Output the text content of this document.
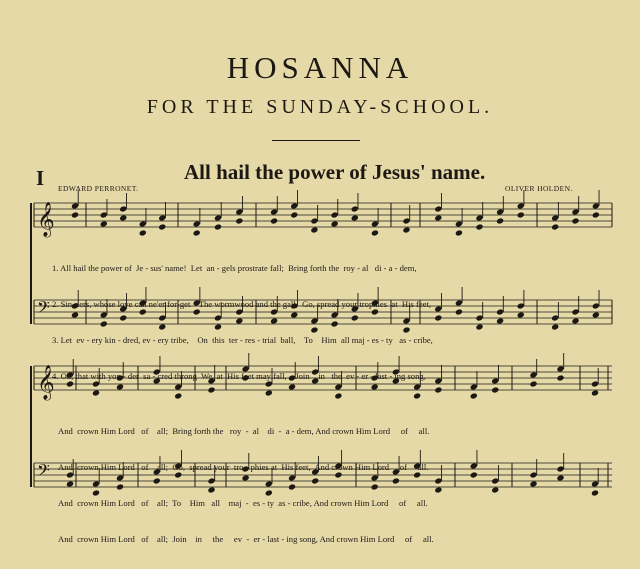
HOSANNA
FOR THE SUNDAY-SCHOOL.
I	All hail the power of Jesus' name.
EDWARD PERRONET.	OLIVER HOLDEN.
𝄞
𝄢
𝄞
𝄢

1. All hail the power of  Je - sus' name!  Let  an - gels prostrate fall;  Bring forth the  roy - al   di - a - dem,

2. Sin-ners, whose love can ne'er for-get    The wormwood and the gall,  Go, spread your trophies  at  His feet,

3. Let  ev - ery kin - dred, ev - ery tribe,    On  this  ter - res - trial  ball,    To    Him  all maj - es - ty   as - cribe,

4. Oh, that with yon - der  sa - cred throng  We  at  His feet may fall,    Join    in   the  ev - er - last - ing song,

And  crown Him Lord   of    all;  Bring forth the   roy  -  al    di  -  a - dem, And crown Him Lord     of     all.

And  crown Him Lord   of    all;  Go,  spread your  tro - phies at  His feet,  And crown Him Lord     of     all.

And  crown Him Lord   of    all;  To    Him   all    maj  -  es - ty  as - cribe, And crown Him Lord     of     all.

And  crown Him Lord   of    all;  Join    in     the     ev  -  er - last - ing song, And crown Him Lord     of     all.
